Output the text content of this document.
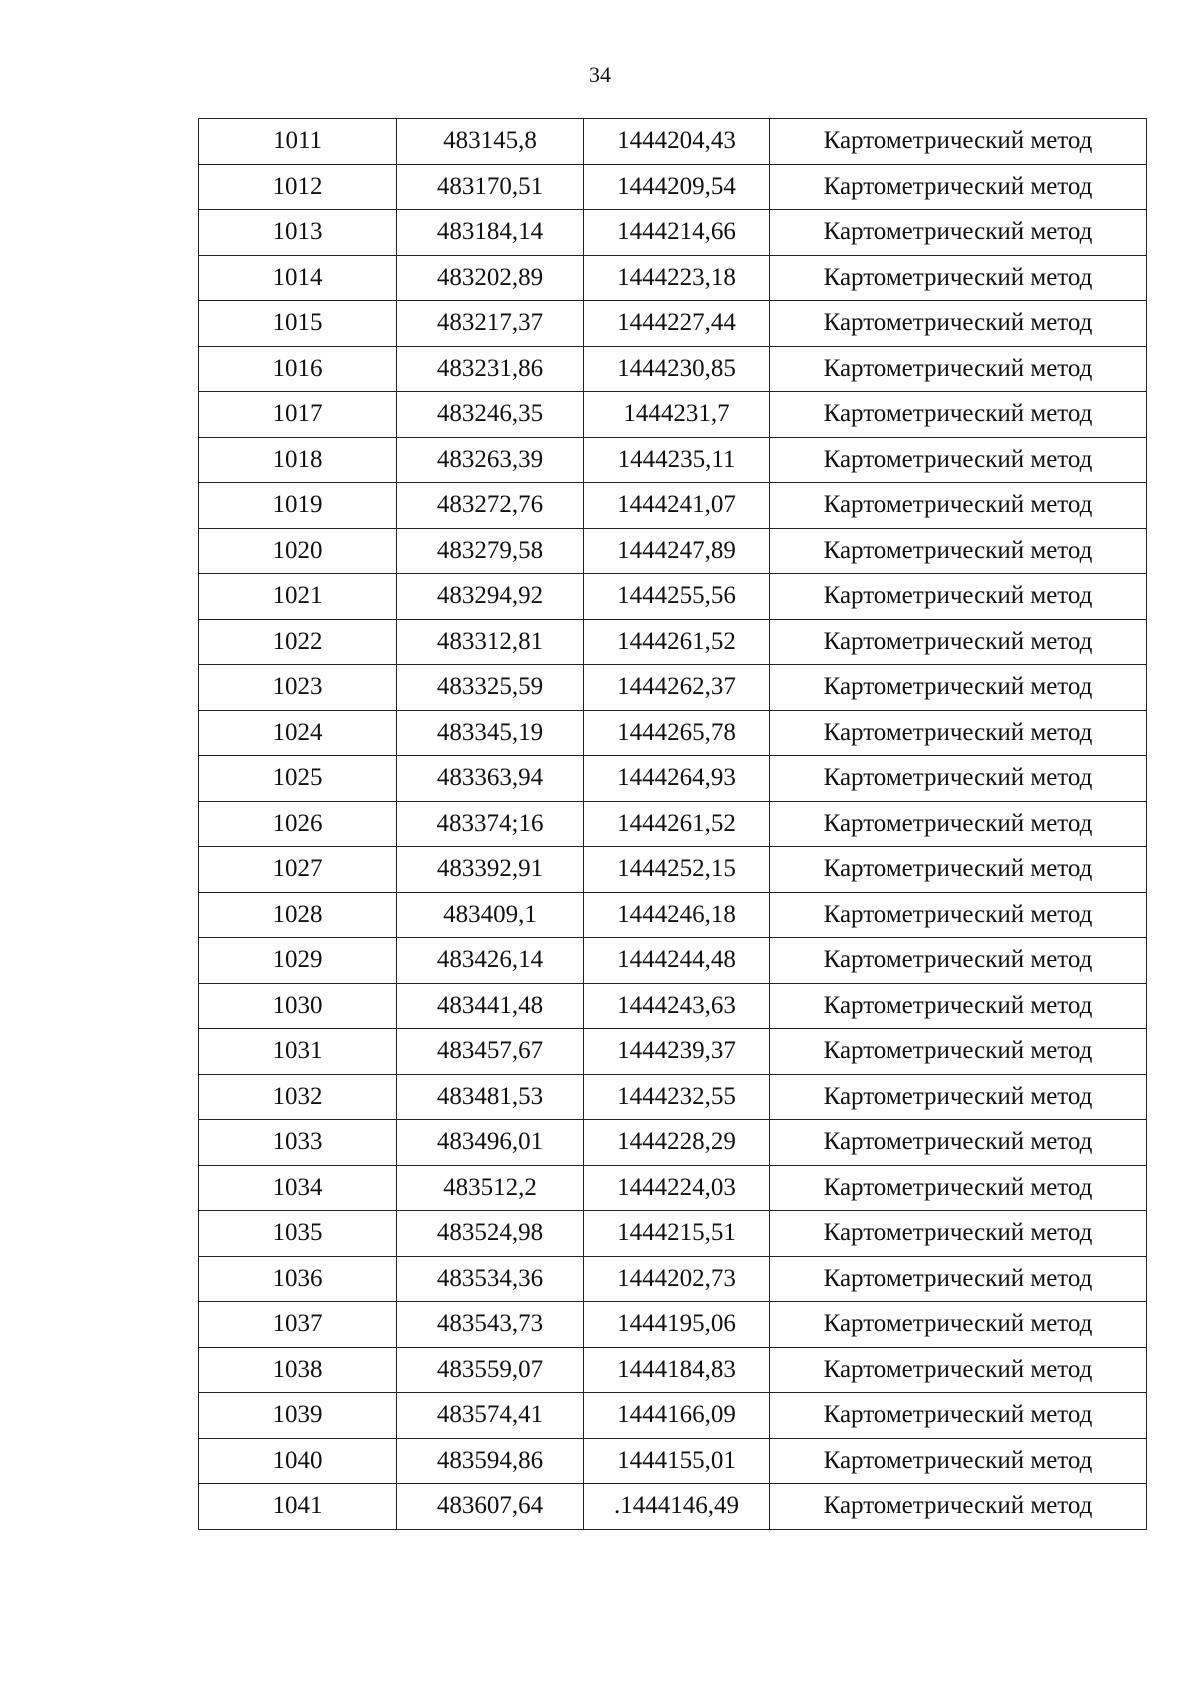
34
1011	483145,8	1444204,43	Картометрический метод
1012	483170,51	1444209,54	Картометрический метод
1013	483184,14	1444214,66	Картометрический метод
1014	483202,89	1444223,18	Картометрический метод
1015	483217,37	1444227,44	Картометрический метод
1016	483231,86	1444230,85	Картометрический метод
1017	483246,35	1444231,7	Картометрический метод
1018	483263,39	1444235,11	Картометрический метод
1019	483272,76	1444241,07	Картометрический метод
1020	483279,58	1444247,89	Картометрический метод
1021	483294,92	1444255,56	Картометрический метод
1022	483312,81	1444261,52	Картометрический метод
1023	483325,59	1444262,37	Картометрический метод
1024	483345,19	1444265,78	Картометрический метод
1025	483363,94	1444264,93	Картометрический метод
1026	483374;16	1444261,52	Картометрический метод
1027	483392,91	1444252,15	Картометрический метод
1028	483409,1	1444246,18	Картометрический метод
1029	483426,14	1444244,48	Картометрический метод
1030	483441,48	1444243,63	Картометрический метод
1031	483457,67	1444239,37	Картометрический метод
1032	483481,53	1444232,55	Картометрический метод
1033	483496,01	1444228,29	Картометрический метод
1034	483512,2	1444224,03	Картометрический метод
1035	483524,98	1444215,51	Картометрический метод
1036	483534,36	1444202,73	Картометрический метод
1037	483543,73	1444195,06	Картометрический метод
1038	483559,07	1444184,83	Картометрический метод
1039	483574,41	1444166,09	Картометрический метод
1040	483594,86	1444155,01	Картометрический метод
1041	483607,64	.1444146,49	Картометрический метод
